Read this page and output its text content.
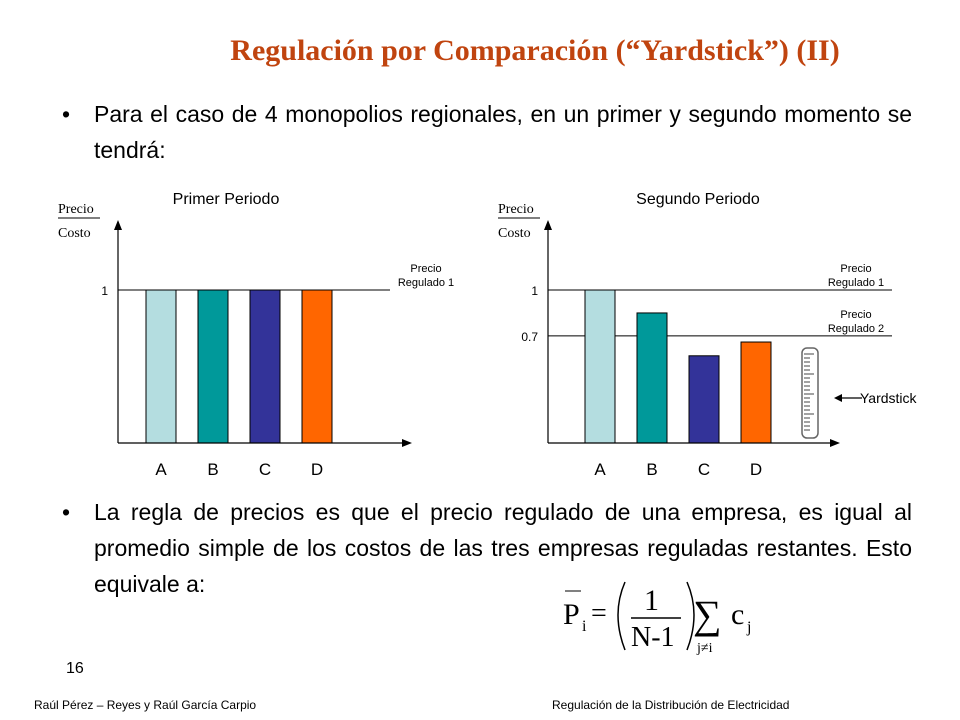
Regulación por Comparación (“Yardstick”) (II)
• Para el caso de 4 monopolios regionales, en un primer y segundo momento se tendrá:
Precio
Costo
Primer Periodo
1
Precio
Regulado 1
A B C D
Precio
Costo
Segundo Periodo
1
Precio
Regulado 1
0.7
Precio
Regulado 2
A B C D
Yardstick
• La regla de precios es que el precio regulado de una empresa, es igual al promedio simple de los costos de las tres empresas reguladas restantes. Esto equivale a:
P i = 1
N-1
∑
j≠i
c j
16
Raúl Pérez – Reyes y Raúl García Carpio	Regulación de la Distribución de Electricidad
